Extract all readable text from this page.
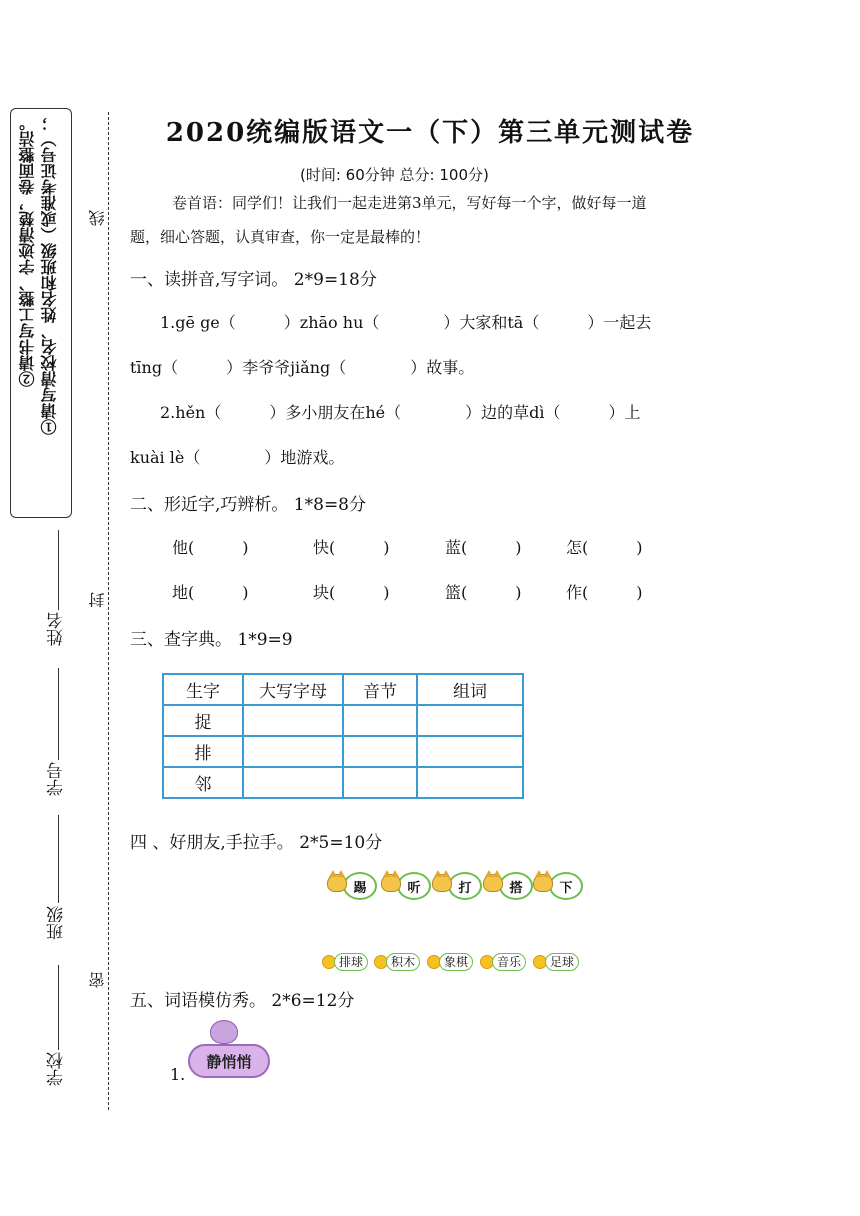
①请写清校名、姓名和班级（或准考证号）；
②请书写工整、字迹清楚，卷面整洁。
姓名
学号
班级
学校
线
封
密
2020统编版语文一（下）第三单元测试卷
(时间: 60分钟 总分: 100分)
卷首语：同学们！让我们一起走进第3单元，写好每一个字，做好每一道
题，细心答题，认真审查，你一定是最棒的！
一、读拼音,写字词。 2*9=18分
1.gē ge（　　　）zhāo hu（　　　　）大家和tā（　　　）一起去
tīng（　　　）李爷爷jiǎng（　　　　）故事。
2.hěn（　　　）多小朋友在hé（　　　　）边的草dì（　　　）上
kuài lè（　　　　）地游戏。
二、形近字,巧辨析。 1*8=8分
他(　　　)	快(　　　)	蓝(　　　)	怎(　　　)
地(　　　)	块(　　　)	篮(　　　)	作(　　　)
三、查字典。 1*9=9
生字	大写字母	音节	组词
捉			
排			
邻			
四 、好朋友,手拉手。 2*5=10分
踢	听	打	搭	下
排球	积木	象棋	音乐	足球
五、词语模仿秀。 2*6=12分
静悄悄
1.
